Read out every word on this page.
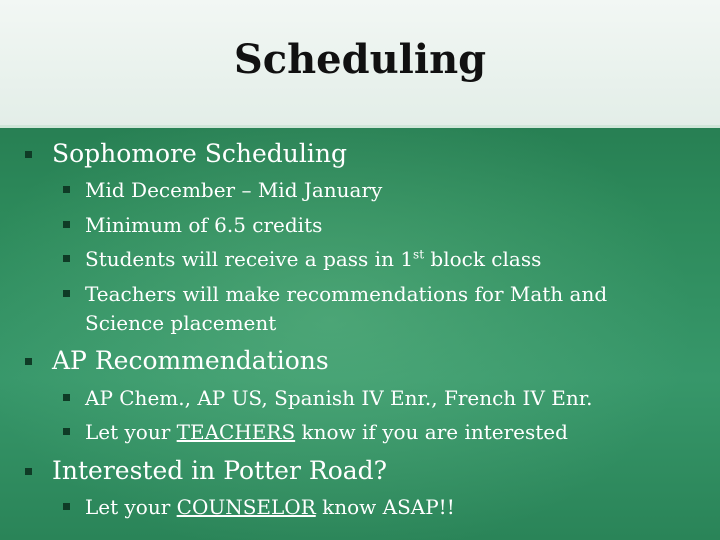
Scheduling
Sophomore Scheduling
Mid December – Mid January
Minimum of 6.5 credits
Students will receive a pass in 1st block class
Teachers will make recommendations for Math and
Science placement
AP Recommendations
AP Chem., AP US, Spanish IV Enr., French IV Enr.
Let your TEACHERS know if you are interested
Interested in Potter Road?
Let your COUNSELOR know ASAP!!
